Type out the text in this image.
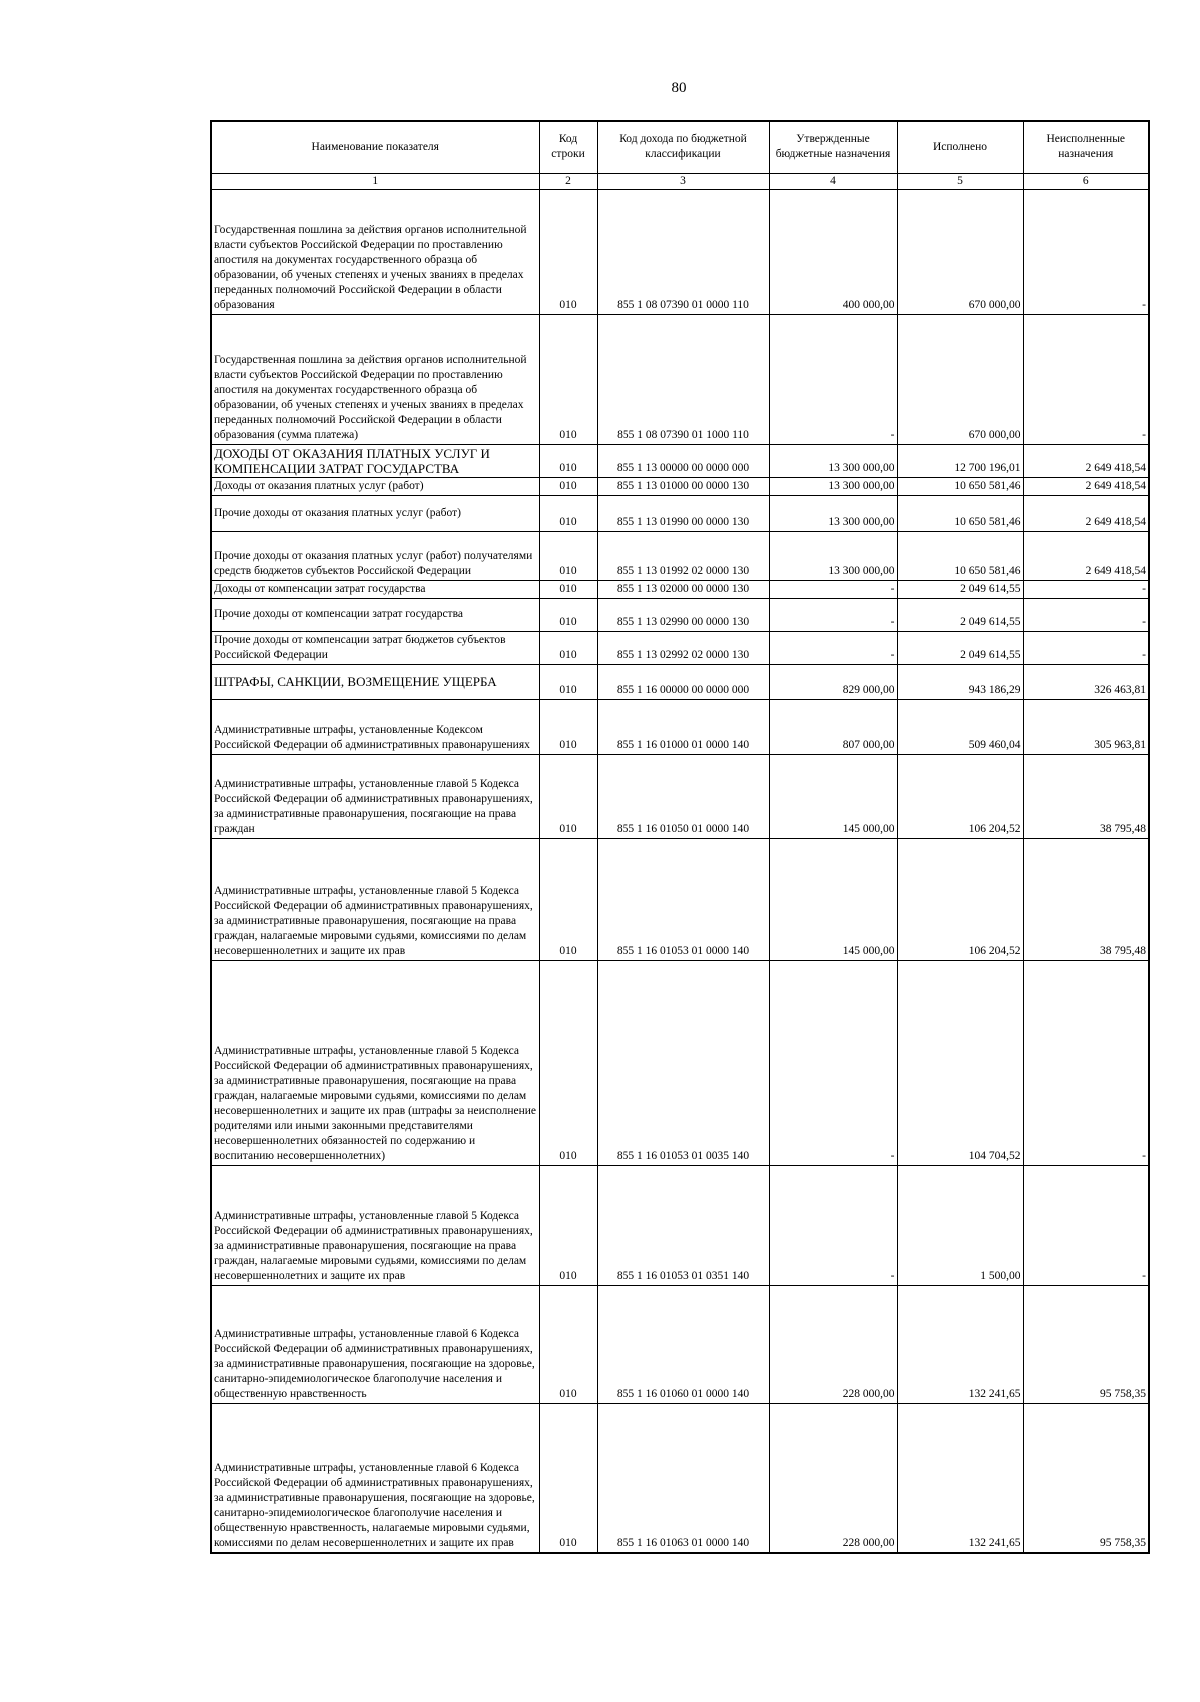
80
Наименование показателя	Код строки	Код дохода по бюджетной классификации	Утвержденные бюджетные назначения	Исполнено	Неисполненные назначения
1	2	3	4	5	6
Государственная пошлина за действия органов исполнительной власти субъектов Российской Федерации по проставлению апостиля на документах государственного образца об образовании, об ученых степенях и ученых званиях в пределах переданных полномочий Российской Федерации в области образования	010	855 1 08 07390 01 0000 110	400 000,00	670 000,00	-
Государственная пошлина за действия органов исполнительной власти субъектов Российской Федерации по проставлению апостиля на документах государственного образца об образовании, об ученых степенях и ученых званиях в пределах переданных полномочий Российской Федерации в области образования (сумма платежа)	010	855 1 08 07390 01 1000 110	-	670 000,00	-
ДОХОДЫ ОТ ОКАЗАНИЯ ПЛАТНЫХ УСЛУГ И КОМПЕНСАЦИИ ЗАТРАТ ГОСУДАРСТВА	010	855 1 13 00000 00 0000 000	13 300 000,00	12 700 196,01	2 649 418,54
Доходы от оказания платных услуг (работ)	010	855 1 13 01000 00 0000 130	13 300 000,00	10 650 581,46	2 649 418,54
Прочие доходы от оказания платных услуг (работ)	010	855 1 13 01990 00 0000 130	13 300 000,00	10 650 581,46	2 649 418,54
Прочие доходы от оказания платных услуг (работ) получателями средств бюджетов субъектов Российской Федерации	010	855 1 13 01992 02 0000 130	13 300 000,00	10 650 581,46	2 649 418,54
Доходы от компенсации затрат государства	010	855 1 13 02000 00 0000 130	-	2 049 614,55	-
Прочие доходы от компенсации затрат государства	010	855 1 13 02990 00 0000 130	-	2 049 614,55	-
Прочие доходы от компенсации затрат бюджетов субъектов Российской Федерации	010	855 1 13 02992 02 0000 130	-	2 049 614,55	-
ШТРАФЫ, САНКЦИИ, ВОЗМЕЩЕНИЕ УЩЕРБА	010	855 1 16 00000 00 0000 000	829 000,00	943 186,29	326 463,81
Административные штрафы, установленные Кодексом Российской Федерации об административных правонарушениях	010	855 1 16 01000 01 0000 140	807 000,00	509 460,04	305 963,81
Административные штрафы, установленные главой 5 Кодекса Российской Федерации об административных правонарушениях, за административные правонарушения, посягающие на права граждан	010	855 1 16 01050 01 0000 140	145 000,00	106 204,52	38 795,48
Административные штрафы, установленные главой 5 Кодекса Российской Федерации об административных правонарушениях, за административные правонарушения, посягающие на права граждан, налагаемые мировыми судьями, комиссиями по делам несовершеннолетних и защите их прав	010	855 1 16 01053 01 0000 140	145 000,00	106 204,52	38 795,48
Административные штрафы, установленные главой 5 Кодекса Российской Федерации об административных правонарушениях, за административные правонарушения, посягающие на права граждан, налагаемые мировыми судьями, комиссиями по делам несовершеннолетних и защите их прав (штрафы за неисполнение родителями или иными законными представителями несовершеннолетних обязанностей по содержанию и воспитанию несовершеннолетних)	010	855 1 16 01053 01 0035 140	-	104 704,52	-
Административные штрафы, установленные главой 5 Кодекса Российской Федерации об административных правонарушениях, за административные правонарушения, посягающие на права граждан, налагаемые мировыми судьями, комиссиями по делам несовершеннолетних и защите их прав	010	855 1 16 01053 01 0351 140	-	1 500,00	-
Административные штрафы, установленные главой 6 Кодекса Российской Федерации об административных правонарушениях, за административные правонарушения, посягающие на здоровье, санитарно-эпидемиологическое благополучие населения и общественную нравственность	010	855 1 16 01060 01 0000 140	228 000,00	132 241,65	95 758,35
Административные штрафы, установленные главой 6 Кодекса Российской Федерации об административных правонарушениях, за административные правонарушения, посягающие на здоровье, санитарно-эпидемиологическое благополучие населения и общественную нравственность, налагаемые мировыми судьями, комиссиями по делам несовершеннолетних и защите их прав	010	855 1 16 01063 01 0000 140	228 000,00	132 241,65	95 758,35
